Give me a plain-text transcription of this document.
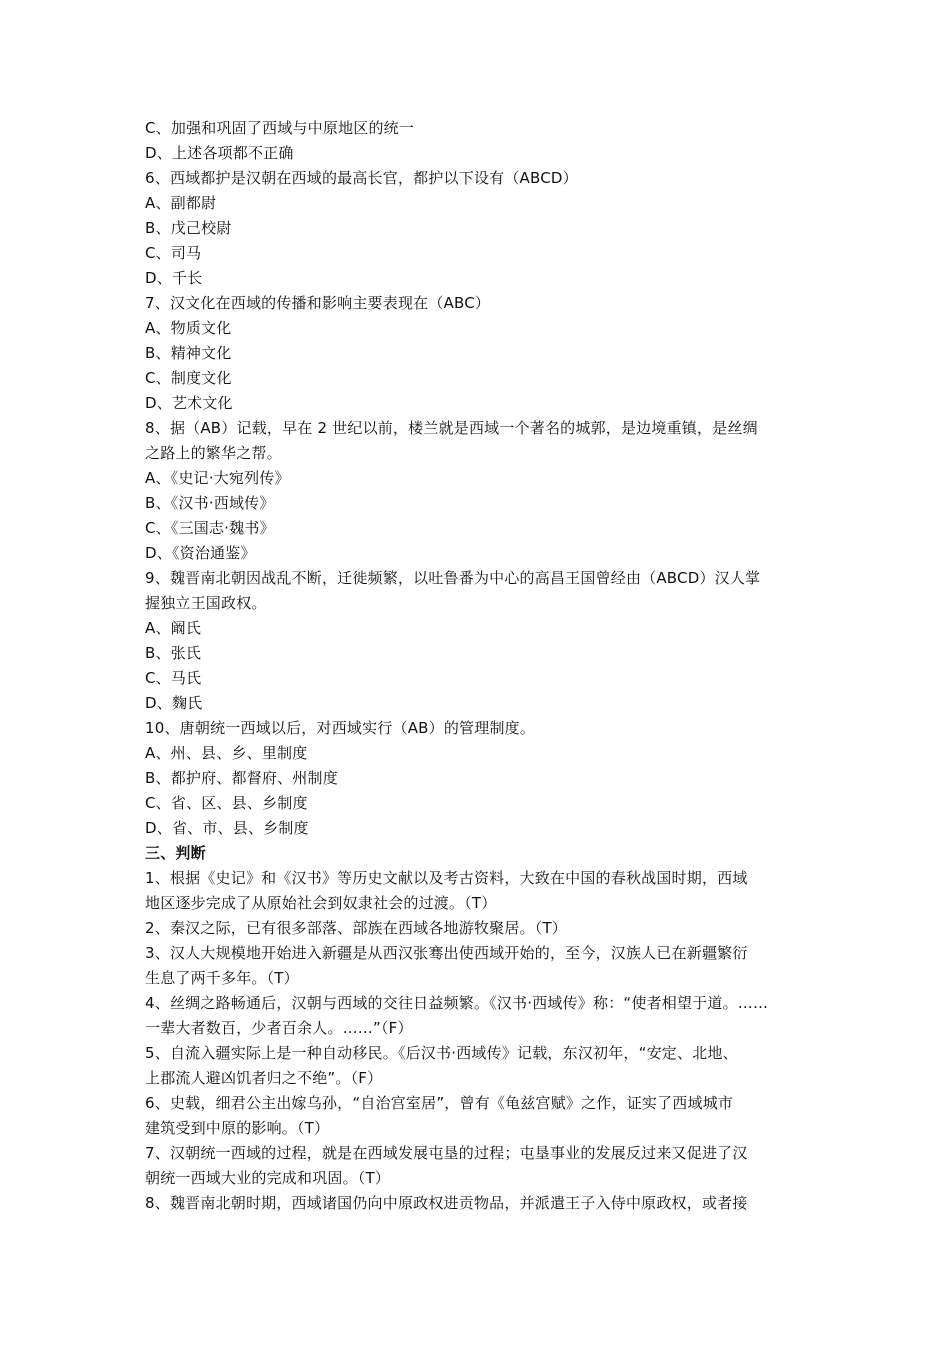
C、加强和巩固了西域与中原地区的统一
D、上述各项都不正确
6、西域都护是汉朝在西域的最高长官，都护以下设有（ABCD）
A、副都尉
B、戊己校尉
C、司马
D、千长
7、汉文化在西域的传播和影响主要表现在（ABC）
A、物质文化
B、精神文化
C、制度文化
D、艺术文化
8、据（AB）记载，早在 2 世纪以前，楼兰就是西域一个著名的城郭，是边境重镇，是丝绸
之路上的繁华之帮。
A、《史记·大宛列传》
B、《汉书·西域传》
C、《三国志·魏书》
D、《资治通鉴》
9、魏晋南北朝因战乱不断，迁徙频繁，以吐鲁番为中心的高昌王国曾经由（ABCD）汉人掌
握独立王国政权。
A、阚氏
B、张氏
C、马氏
D、麴氏
10、唐朝统一西域以后，对西域实行（AB）的管理制度。
A、州、县、乡、里制度
B、都护府、都督府、州制度
C、省、区、县、乡制度
D、省、市、县、乡制度
三、判断
1、根据《史记》和《汉书》等历史文献以及考古资料，大致在中国的春秋战国时期，西域
地区逐步完成了从原始社会到奴隶社会的过渡。（T）
2、秦汉之际，已有很多部落、部族在西域各地游牧聚居。（T）
3、汉人大规模地开始进入新疆是从西汉张骞出使西域开始的，至今，汉族人已在新疆繁衍
生息了两千多年。（T）
4、丝绸之路畅通后，汉朝与西域的交往日益频繁。《汉书·西域传》称：“使者相望于道。……
一辈大者数百，少者百余人。……”（F）
5、自流入疆实际上是一种自动移民。《后汉书·西域传》记载，东汉初年，“安定、北地、
上郡流人避凶饥者归之不绝”。（F）
6、史载，细君公主出嫁乌孙，“自治宫室居”，曾有《龟兹宫赋》之作，证实了西域城市
建筑受到中原的影响。（T）
7、汉朝统一西域的过程，就是在西域发展屯垦的过程；屯垦事业的发展反过来又促进了汉
朝统一西域大业的完成和巩固。（T）
8、魏晋南北朝时期，西域诸国仍向中原政权进贡物品，并派遣王子入侍中原政权，或者接
